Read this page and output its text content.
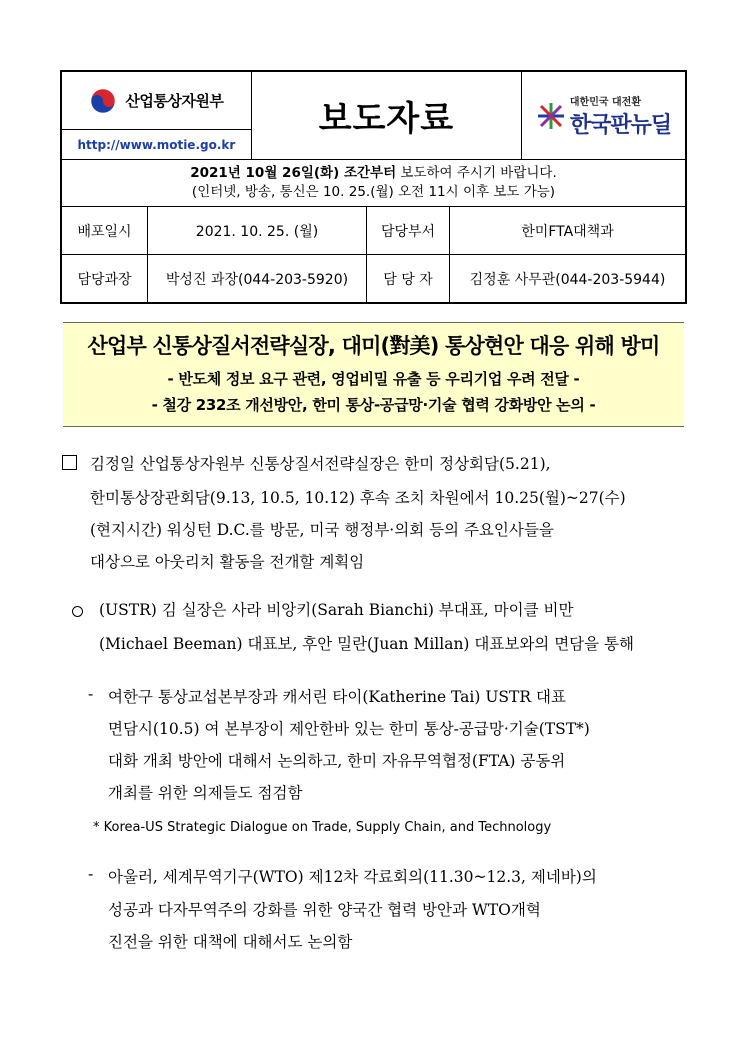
산업통상자원부
http://www.motie.go.kr
보도자료	대한민국 대전환
한국판뉴딜
2021년 10월 26일(화) 조간부터 보도하여 주시기 바랍니다.
(인터넷, 방송, 통신은 10. 25.(월) 오전 11시 이후 보도 가능)
배포일시	2021. 10. 25. (월)	담당부서	한미FTA대책과
담당과장	박성진 과장(044-203-5920)	담 당 자	김정훈 사무관(044-203-5944)
산업부 신통상질서전략실장, 대미(對美) 통상현안 대응 위해 방미
- 반도체 정보 요구 관련, 영업비밀 유출 등 우리기업 우려 전달 -
- 철강 232조 개선방안, 한미 통상-공급망·기술 협력 강화방안 논의 -
김정일 산업통상자원부 신통상질서전략실장은 한미 정상회담(5.21),
한미통상장관회담(9.13, 10.5, 10.12) 후속 조치 차원에서 10.25(월)~27(수)
(현지시간) 워싱턴 D.C.를 방문, 미국 행정부·의회 등의 주요인사들을
대상으로 아웃리치 활동을 전개할 계획임
(USTR) 김 실장은 사라 비앙키(Sarah Bianchi) 부대표, 마이클 비만
(Michael Beeman) 대표보, 후안 밀란(Juan Millan) 대표보와의 면담을 통해
- 여한구 통상교섭본부장과 캐서린 타이(Katherine Tai) USTR 대표
면담시(10.5) 여 본부장이 제안한바 있는 한미 통상-공급망·기술(TST*)
대화 개최 방안에 대해서 논의하고, 한미 자유무역협정(FTA) 공동위
개최를 위한 의제들도 점검함
- 아울러, 세계무역기구(WTO) 제12차 각료회의(11.30~12.3, 제네바)의
성공과 다자무역주의 강화를 위한 양국간 협력 방안과 WTO개혁
진전을 위한 대책에 대해서도 논의함
* Korea-US Strategic Dialogue on Trade, Supply Chain, and Technology
